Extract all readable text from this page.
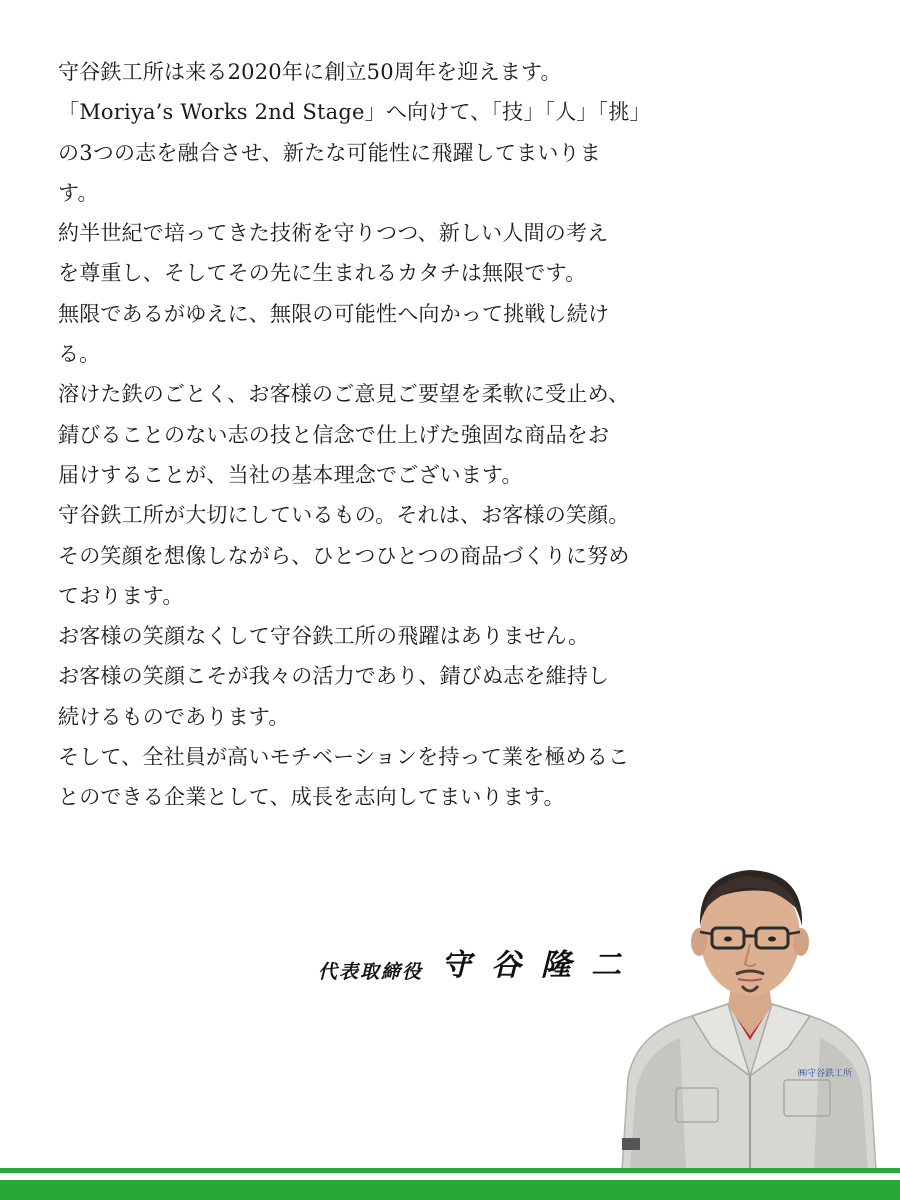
守谷鉄工所は来る2020年に創立50周年を迎えます。
「Moriya’s Works 2nd Stage」へ向けて、「技」「人」「挑」
の3つの志を融合させ、新たな可能性に飛躍してまいりま
す。
約半世紀で培ってきた技術を守りつつ、新しい人間の考え
を尊重し、そしてその先に生まれるカタチは無限です。
無限であるがゆえに、無限の可能性へ向かって挑戦し続け
る。
溶けた鉄のごとく、お客様のご意見ご要望を柔軟に受止め、
錆びることのない志の技と信念で仕上げた強固な商品をお
届けすることが、当社の基本理念でございます。
守谷鉄工所が大切にしているもの。それは、お客様の笑顔。
その笑顔を想像しながら、ひとつひとつの商品づくりに努め
ております。
お客様の笑顔なくして守谷鉄工所の飛躍はありません。
お客様の笑顔こそが我々の活力であり、錆びぬ志を維持し
続けるものであります。
そして、全社員が高いモチベーションを持って業を極めるこ
とのできる企業として、成長を志向してまいります。
代表取締役 守谷隆二
㈱守谷鉄工所
